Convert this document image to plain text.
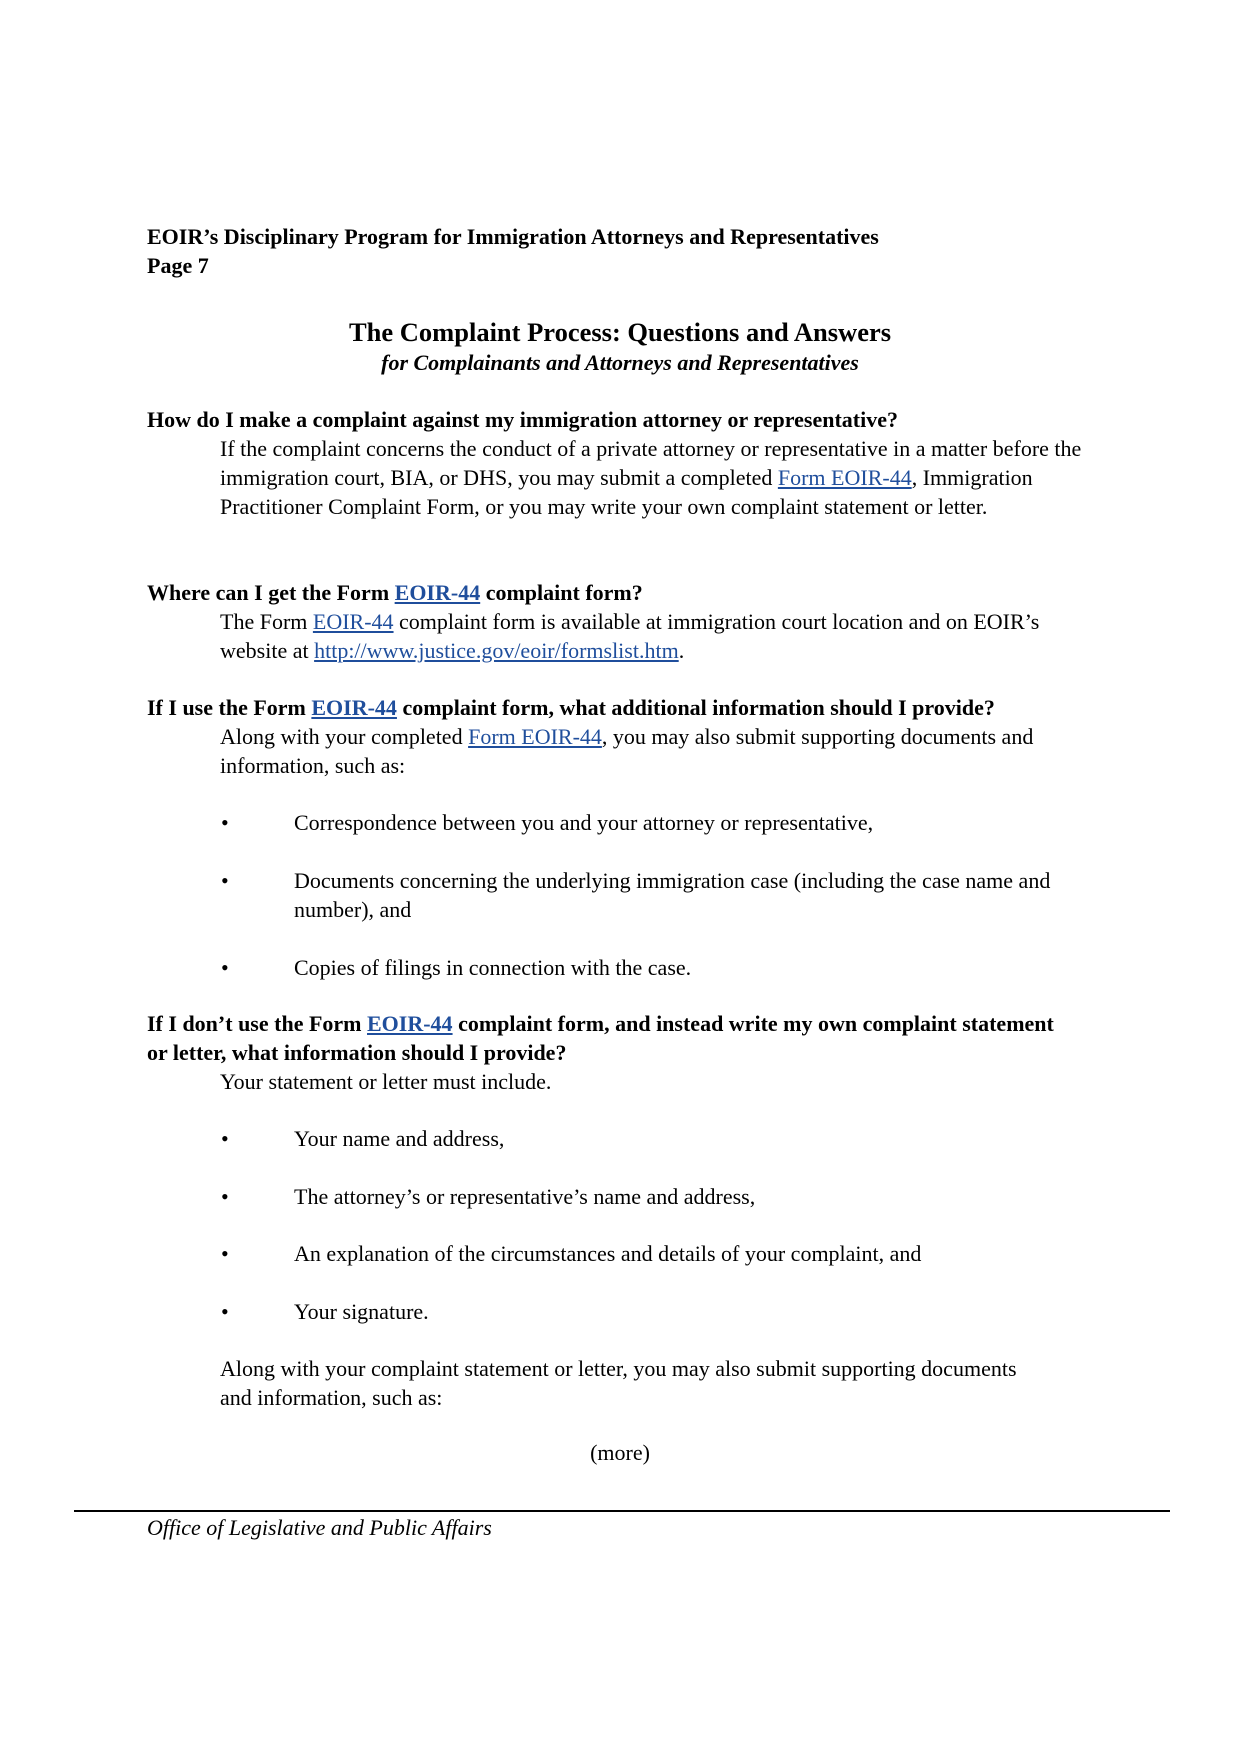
EOIR’s Disciplinary Program for Immigration Attorneys and Representatives
Page 7
The Complaint Process: Questions and Answers
for Complainants and Attorneys and Representatives
How do I make a complaint against my immigration attorney or representative?
If the complaint concerns the conduct of a private attorney or representative in a matter before the immigration court, BIA, or DHS, you may submit a completed Form EOIR-44, Immigration Practitioner Complaint Form, or you may write your own complaint statement or letter.
Where can I get the Form EOIR-44 complaint form?
The Form EOIR-44 complaint form is available at immigration court location and on EOIR’s website at http://www.justice.gov/eoir/formslist.htm.
If I use the Form EOIR-44 complaint form, what additional information should I provide?
Along with your completed Form EOIR-44, you may also submit supporting documents and information, such as:
•	Correspondence between you and your attorney or representative,
•	Documents concerning the underlying immigration case (including the case name and number), and
•	Copies of filings in connection with the case.
If I don’t use the Form EOIR-44 complaint form, and instead write my own complaint statement or letter, what information should I provide?
Your statement or letter must include.
•	Your name and address,
•	The attorney’s or representative’s name and address,
•	An explanation of the circumstances and details of your complaint, and
•	Your signature.
Along with your complaint statement or letter, you may also submit supporting documents and information, such as:
(more)
Office of Legislative and Public Affairs
